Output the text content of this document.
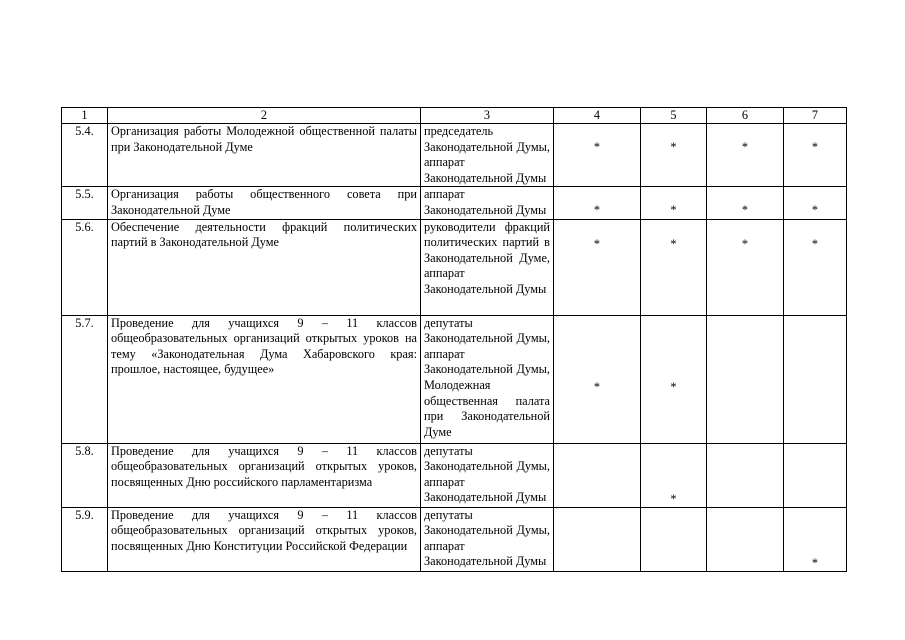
1	2	3	4	5	6	7
5.4.	Организация работы Молодежной общественной палаты при Законодательной Думе	председатель Законодательной Думы, аппарат Законодательной Думы	*	*	*	*

5.5.	Организация работы общественного совета при Законодательной Думе	аппарат Законодательной Думы	*	*	*	*

5.6.	Обеспечение деятельности фракций политических партий в Законодательной Думе	руководители фракций политических партий в Законодательной Думе, аппарат Законодательной Думы	*	*	*	*

5.7.	Проведение для учащихся 9 – 11 классов общеобразовательных организаций открытых уроков на тему «Законодательная Дума Хабаровского края: прошлое, настоящее, будущее»	депутаты Законодательной Думы, аппарат Законодательной Думы, Молодежная общественная палата при Законодательной Думе	*	*		

5.8.	Проведение для учащихся 9 – 11 классов общеобразовательных организаций открытых уроков, посвященных Дню российского парламентаризма	депутаты Законодательной Думы, аппарат Законодательной Думы		*		

5.9.	Проведение для учащихся 9 – 11 классов общеобразовательных организаций открытых уроков, посвященных Дню Конституции Российской Федерации	депутаты Законодательной Думы, аппарат Законодательной Думы				*
